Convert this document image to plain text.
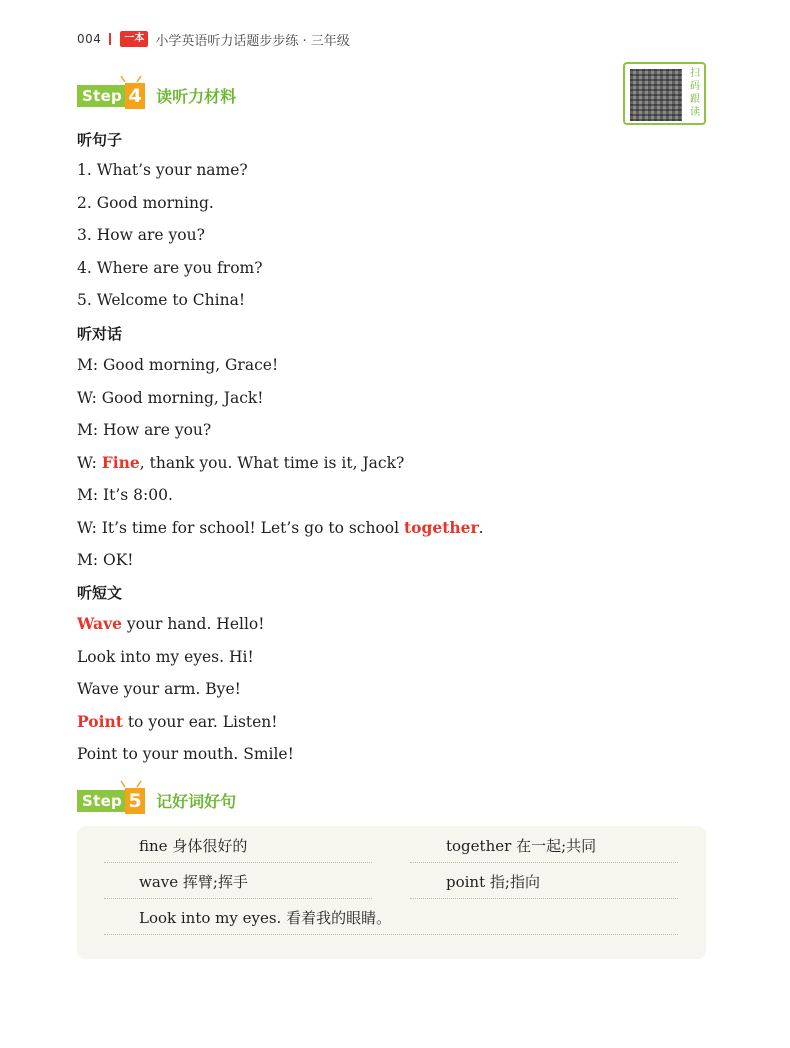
004	一本 小学英语听力话题步步练 · 三年级
Step 4 读听力材料
扫
码
跟
读
听句子
1. What’s your name?
2. Good morning.
3. How are you?
4. Where are you from?
5. Welcome to China!
听对话
M: Good morning, Grace!
W: Good morning, Jack!
M: How are you?
W: Fine, thank you. What time is it, Jack?
M: It’s 8:00.
W: It’s time for school! Let’s go to school together.
M: OK!
听短文
Wave your hand. Hello!
Look into my eyes. Hi!
Wave your arm. Bye!
Point to your ear. Listen!
Point to your mouth. Smile!
Step 5 记好词好句
fine 身体很好的	together 在一起;共同
wave 挥臂;挥手	point 指;指向
Look into my eyes. 看着我的眼睛。
